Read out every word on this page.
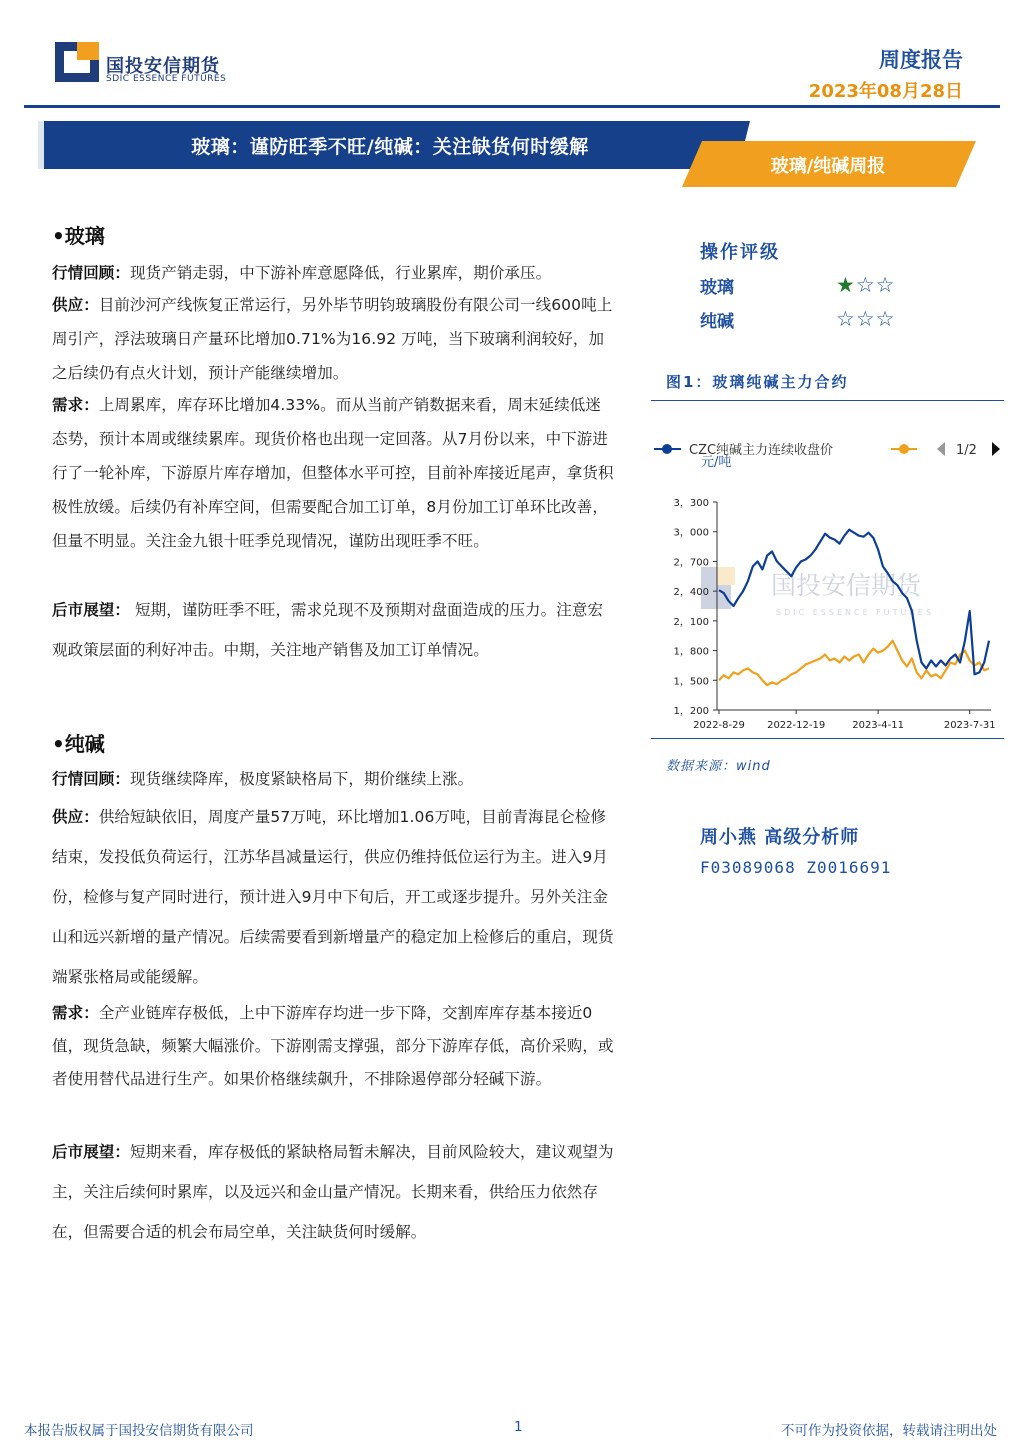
国投安信期货
SDIC ESSENCE FUTURES
周度报告
2023年08月28日
玻璃：谨防旺季不旺/纯碱：关注缺货何时缓解
玻璃/纯碱周报
•玻璃
行情回顾：现货产销走弱，中下游补库意愿降低，行业累库，期价承压。
供应：目前沙河产线恢复正常运行，另外毕节明钧玻璃股份有限公司一线600吨上周引产，浮法玻璃日产量环比增加0.71%为16.92 万吨，当下玻璃利润较好，加之后续仍有点火计划，预计产能继续增加。
需求：上周累库，库存环比增加4.33%。而从当前产销数据来看，周末延续低迷态势，预计本周或继续累库。现货价格也出现一定回落。从7月份以来，中下游进行了一轮补库，下游原片库存增加，但整体水平可控，目前补库接近尾声，拿货积极性放缓。后续仍有补库空间，但需要配合加工订单，8月份加工订单环比改善，但量不明显。关注金九银十旺季兑现情况，谨防出现旺季不旺。
后市展望： 短期，谨防旺季不旺，需求兑现不及预期对盘面造成的压力。注意宏观政策层面的利好冲击。中期，关注地产销售及加工订单情况。
•纯碱
行情回顾：现货继续降库，极度紧缺格局下，期价继续上涨。
供应：供给短缺依旧，周度产量57万吨，环比增加1.06万吨，目前青海昆仑检修结束，发投低负荷运行，江苏华昌减量运行，供应仍维持低位运行为主。进入9月份，检修与复产同时进行，预计进入9月中下旬后，开工或逐步提升。另外关注金山和远兴新增的量产情况。后续需要看到新增量产的稳定加上检修后的重启，现货端紧张格局或能缓解。
需求：全产业链库存极低，上中下游库存均进一步下降，交割库库存基本接近0值，现货急缺，频繁大幅涨价。下游刚需支撑强，部分下游库存低，高价采购，或者使用替代品进行生产。如果价格继续飙升，不排除遏停部分轻碱下游。
后市展望：短期来看，库存极低的紧缺格局暂未解决，目前风险较大，建议观望为主，关注后续何时累库，以及远兴和金山量产情况。长期来看，供给压力依然存在，但需要合适的机会布局空单，关注缺货何时缓解。
操作评级
玻璃	★☆☆
纯碱	☆☆☆
图1：玻璃纯碱主力合约
CZC纯碱主力连续收盘价	1/2
元/吨
国投安信期货
SDIC ESSENCE FUTURES
1，200
1，500
1，800
2，100
2，400
2，700
3，000
3，300
2022-8-29 2022-12-19	2023-4-11	2023-7-31
数据来源：wind
周小燕 高级分析师
F03089068 Z0016691
本报告版权属于国投安信期货有限公司	1	不可作为投资依据，转载请注明出处
